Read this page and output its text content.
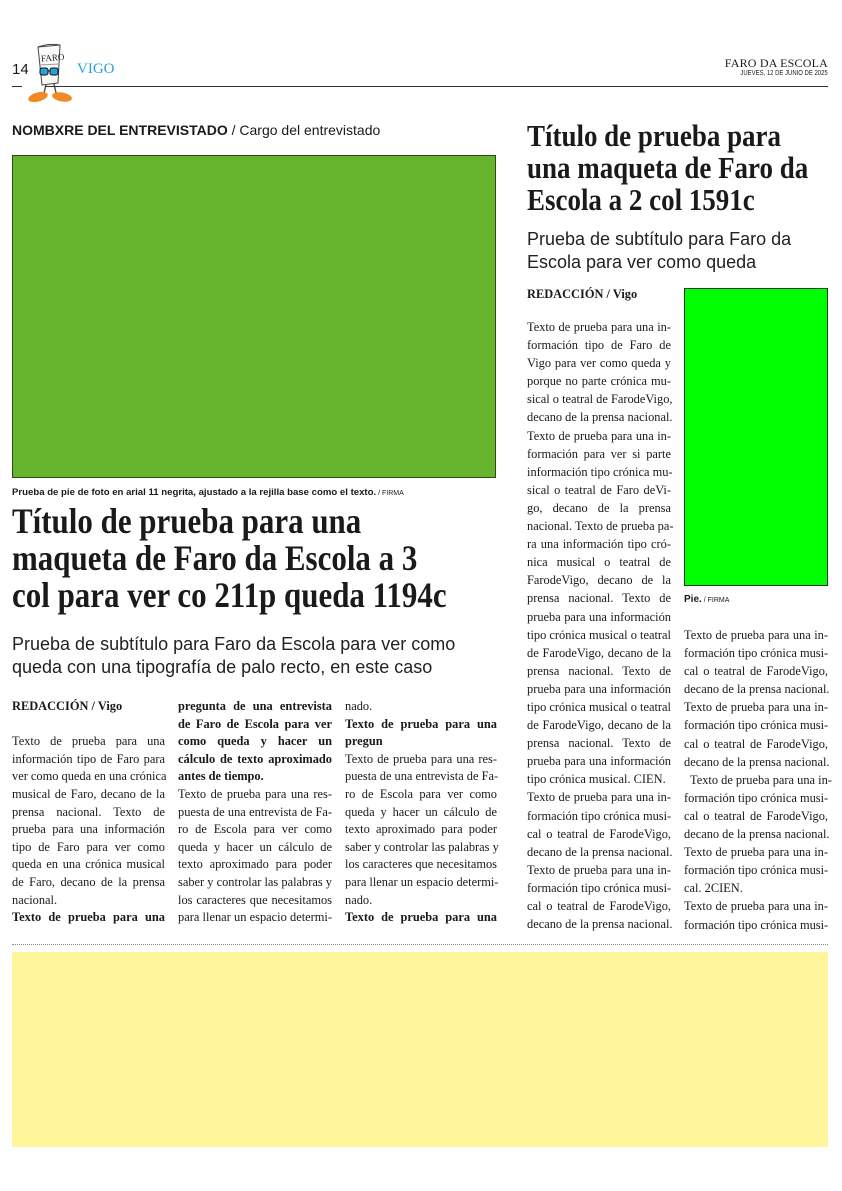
14
FARO
VIGO	FARO DA ESCOLA
JUEVES, 12 DE JUNIO DE 2025
NOMBXRE DEL ENTREVISTADO / Cargo del entrevistado
Prueba de pie de foto en arial 11 negrita, ajustado a la rejilla base como el texto. / FIRMA
Título de prueba para una
maqueta de Faro da Escola a 3
col para ver co 211p queda 1194c
Prueba de subtítulo para Faro da Escola para ver como
queda con una tipografía de palo recto, en este caso
REDACCIÓN / Vigo
Texto de prueba para una
información tipo de Faro para
ver como queda en una crónica
musical de Faro, decano de la
prensa nacional. Texto de
prueba para una información
tipo de Faro para ver como
queda en una crónica musical
de Faro, decano de la prensa
nacional.
Texto de prueba para una
pregunta de una entrevista
de Faro de Escola para ver
como queda y hacer un
cálculo de texto aproximado
antes de tiempo.
Texto de prueba para una res-
puesta de una entrevista de Fa-
ro de Escola para ver como
queda y hacer un cálculo de
texto aproximado para poder
saber y controlar las palabras y
los caracteres que necesitamos
para llenar un espacio determi-
nado.
Texto de prueba para una
pregun
Texto de prueba para una res-
puesta de una entrevista de Fa-
ro de Escola para ver como
queda y hacer un cálculo de
texto aproximado para poder
saber y controlar las palabras y
los caracteres que necesitamos
para llenar un espacio determi-
nado.
Texto de prueba para una
Título de prueba para
una maqueta de Faro da
Escola a 2 col 1591c
Prueba de subtítulo para Faro da
Escola para ver como queda
REDACCIÓN / Vigo
Pie. / FIRMA
Texto de prueba para una in-
formación tipo de Faro de
Vigo para ver como queda y
porque no parte crónica mu-
sical o teatral de FarodeVigo,
decano de la prensa nacional.
Texto de prueba para una in-
formación para ver si parte
información tipo crónica mu-
sical o teatral de Faro deVi-
go, decano de la prensa
nacional. Texto de prueba pa-
ra una información tipo cró-
nica musical o teatral de
FarodeVigo, decano de la
prensa nacional. Texto de
prueba para una información
tipo crónica musical o teatral
de FarodeVigo, decano de la
prensa nacional. Texto de
prueba para una información
tipo crónica musical o teatral
de FarodeVigo, decano de la
prensa nacional. Texto de
prueba para una información
tipo crónica musical. CIEN.
Texto de prueba para una in-
formación tipo crónica musi-
cal o teatral de FarodeVigo,
decano de la prensa nacional.
Texto de prueba para una in-
formación tipo crónica musi-
cal o teatral de FarodeVigo,
decano de la prensa nacional.
Texto de prueba para una in-
formación tipo crónica musi-
cal o teatral de FarodeVigo,
decano de la prensa nacional.
Texto de prueba para una in-
formación tipo crónica musi-
cal o teatral de FarodeVigo,
decano de la prensa nacional.
Texto de prueba para una in-
formación tipo crónica musi-
cal o teatral de FarodeVigo,
decano de la prensa nacional.
Texto de prueba para una in-
formación tipo crónica musi-
cal. 2CIEN.
Texto de prueba para una in-
formación tipo crónica musi-
